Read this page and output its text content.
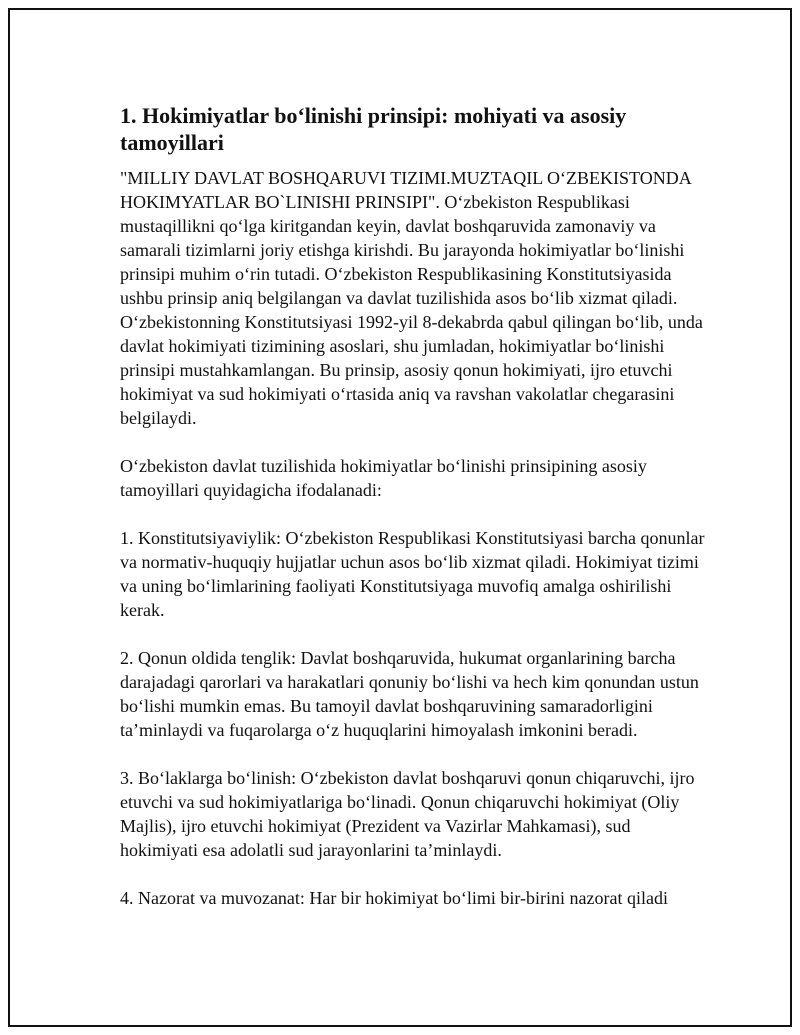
1. Hokimiyatlar bo‘linishi prinsipi: mohiyati va asosiy tamoyillari

"MILLIY DAVLAT BOSHQARUVI TIZIMI.MUZTAQIL O‘ZBEKISTONDA HOKIMYATLAR BO`LINISHI PRINSIPI". O‘zbekiston Respublikasi mustaqillikni qo‘lga kiritgandan keyin, davlat boshqaruvida zamonaviy va samarali tizimlarni joriy etishga kirishdi. Bu jarayonda hokimiyatlar bo‘linishi prinsipi muhim o‘rin tutadi. O‘zbekiston Respublikasining Konstitutsiyasida ushbu prinsip aniq belgilangan va davlat tuzilishida asos bo‘lib xizmat qiladi. O‘zbekistonning Konstitutsiyasi 1992-yil 8-dekabrda qabul qilingan bo‘lib, unda davlat hokimiyati tizimining asoslari, shu jumladan, hokimiyatlar bo‘linishi prinsipi mustahkamlangan. Bu prinsip, asosiy qonun hokimiyati, ijro etuvchi hokimiyat va sud hokimiyati o‘rtasida aniq va ravshan vakolatlar chegarasini belgilaydi.

O‘zbekiston davlat tuzilishida hokimiyatlar bo‘linishi prinsipining asosiy tamoyillari quyidagicha ifodalanadi:

1. Konstitutsiyaviylik: O‘zbekiston Respublikasi Konstitutsiyasi barcha qonunlar va normativ-huquqiy hujjatlar uchun asos bo‘lib xizmat qiladi. Hokimiyat tizimi va uning bo‘limlarining faoliyati Konstitutsiyaga muvofiq amalga oshirilishi kerak.

2. Qonun oldida tenglik: Davlat boshqaruvida, hukumat organlarining barcha darajadagi qarorlari va harakatlari qonuniy bo‘lishi va hech kim qonundan ustun bo‘lishi mumkin emas. Bu tamoyil davlat boshqaruvining samaradorligini ta’minlaydi va fuqarolarga o‘z huquqlarini himoyalash imkonini beradi.

3. Bo‘laklarga bo‘linish: O‘zbekiston davlat boshqaruvi qonun chiqaruvchi, ijro etuvchi va sud hokimiyatlariga bo‘linadi. Qonun chiqaruvchi hokimiyat (Oliy Majlis), ijro etuvchi hokimiyat (Prezident va Vazirlar Mahkamasi), sud hokimiyati esa adolatli sud jarayonlarini ta’minlaydi.

4. Nazorat va muvozanat: Har bir hokimiyat bo‘limi bir-birini nazorat qiladi
